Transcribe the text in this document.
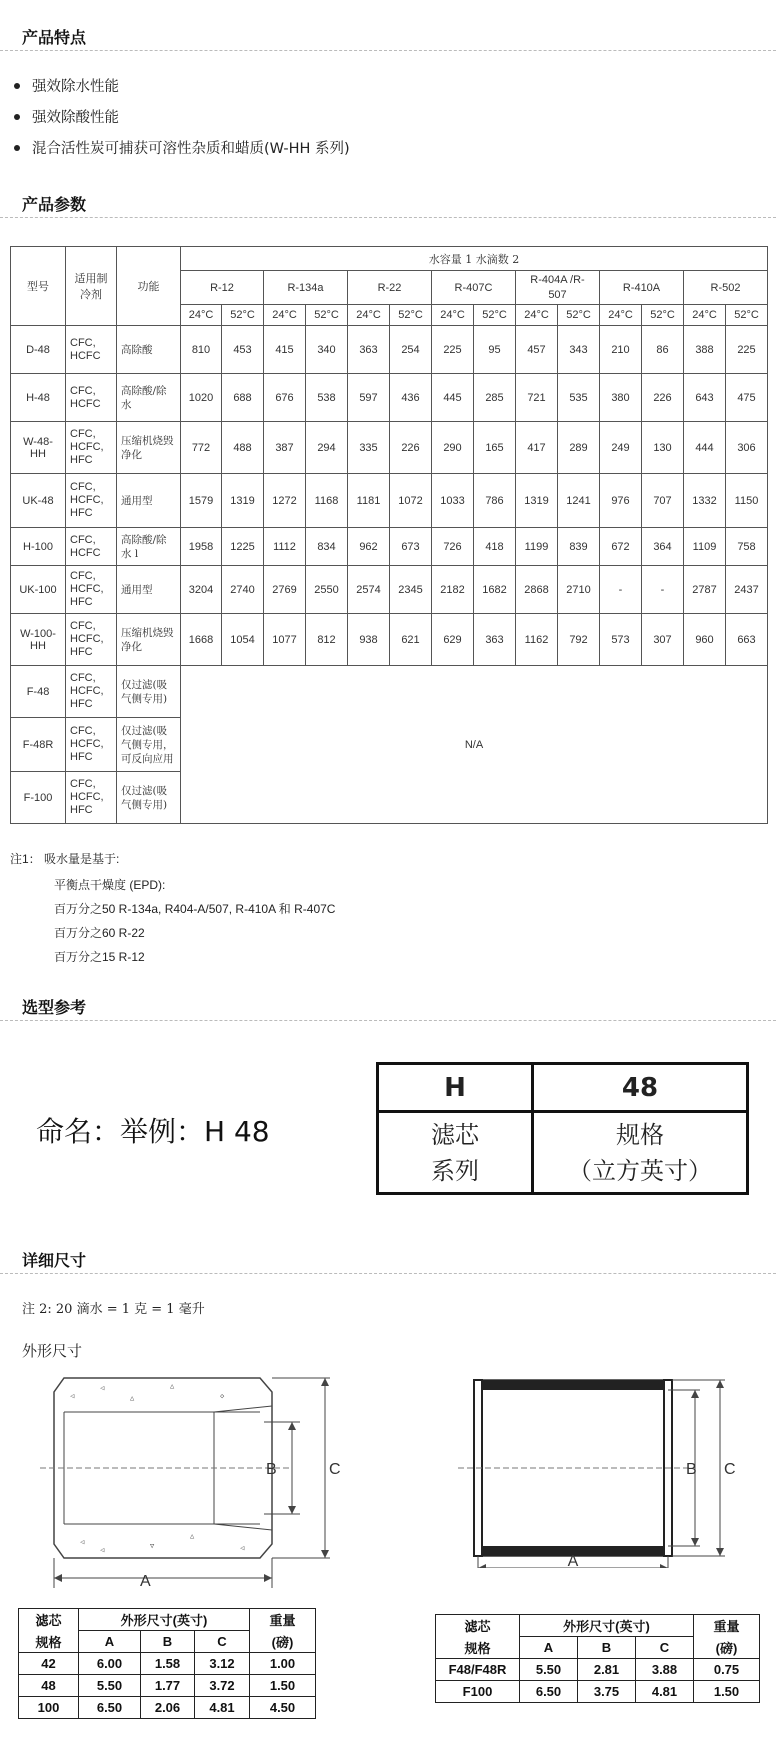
产品特点
强效除水性能
强效除酸性能
混合活性炭可捕获可溶性杂质和蜡质(W-HH 系列)
产品参数
型号	适用制冷剂	功能	水容量 1 水滴数 2													
			R-12		R-134a		R-22		R-407C		R-404A /R-507		R-410A		R-502	
			24°C	52°C	24°C	52°C	24°C	52°C	24°C	52°C	24°C	52°C	24°C	52°C	24°C	52°C
D-48	CFC, HCFC	高除酸	810	453	415	340	363	254	225	95	457	343	210	86	388	225
H-48	CFC, HCFC	高除酸/除水	1020	688	676	538	597	436	445	285	721	535	380	226	643	475
W-48-HH	CFC, HCFC, HFC	压缩机烧毁净化	772	488	387	294	335	226	290	165	417	289	249	130	444	306
UK-48	CFC, HCFC, HFC	通用型	1579	1319	1272	1168	1181	1072	1033	786	1319	1241	976	707	1332	1150
H-100	CFC, HCFC	高除酸/除水 l	1958	1225	1112	834	962	673	726	418	1199	839	672	364	1109	758
UK-100	CFC, HCFC, HFC	通用型	3204	2740	2769	2550	2574	2345	2182	1682	2868	2710	-	-	2787	2437
W-100-HH	CFC, HCFC, HFC	压缩机烧毁净化	1668	1054	1077	812	938	621	629	363	1162	792	573	307	960	663
F-48	CFC, HCFC, HFC	仅过滤(吸气侧专用)	N/A													
F-48R	CFC, HCFC, HFC	仅过滤(吸气侧专用，可反向应用														
F-100	CFC, HCFC, HFC	仅过滤(吸气侧专用)														
注1： 吸水量是基于:
平衡点干燥度 (EPD):
百万分之50 R-134a, R404-A/507, R-410A 和 R-407C
百万分之60 R-22
百万分之15 R-12
选型参考
命名：举例：H 48
H	48
滤芯
系列	规格
（立方英寸）
详细尺寸
注 2: 20 滴水 = 1 克 = 1 毫升
外形尺寸
◁
△	◇
◁
◁
△
▽
◁	◁
△
B	C
A
B C
A
滤芯	外形尺寸(英寸)			重量
规格	A	B	C	(磅)
42	6.00	1.58	3.12	1.00
48	5.50	1.77	3.72	1.50
100	6.50	2.06	4.81	4.50
滤芯	外形尺寸(英寸)			重量
规格	A	B	C	(磅)
F48/F48R	5.50	2.81	3.88	0.75
F100	6.50	3.75	4.81	1.50
